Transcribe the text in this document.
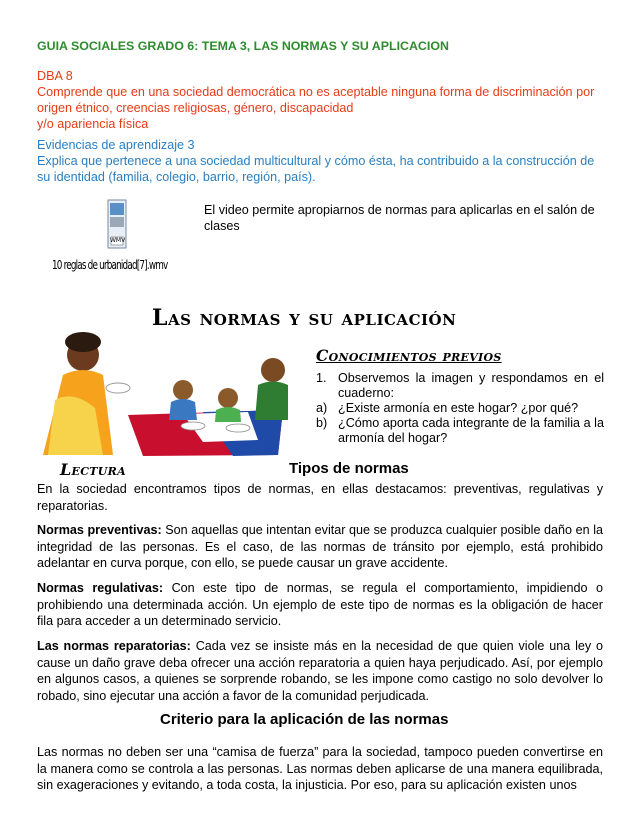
GUIA SOCIALES GRADO 6: TEMA 3, LAS NORMAS Y SU APLICACION
DBA 8
Comprende que en una sociedad democrática no es aceptable ninguna forma de discriminación por origen étnico, creencias religiosas, género, discapacidad
y/o apariencia física
Evidencias de aprendizaje 3
Explica que pertenece a una sociedad multicultural y cómo ésta, ha contribuido a la construcción de su identidad (familia, colegio, barrio, región, país).
WMV
10 reglas de urbanidad[7].wmv
El video permite apropiarnos de normas para aplicarlas en el salón de clases
Las normas y su aplicación
Conocimientos previos
1. Observemos la imagen y respondamos en el cuaderno:
a) ¿Existe armonía en este hogar? ¿por qué?
b) ¿Cómo aporta cada integrante de la familia a la armonía del hogar?
Lectura	Tipos de normas
En la sociedad encontramos tipos de normas, en ellas destacamos: preventivas, regulativas y reparatorias.
Normas preventivas: Son aquellas que intentan evitar que se produzca cualquier posible daño en la integridad de las personas. Es el caso, de las normas de tránsito por ejemplo, está prohibido adelantar en curva porque, con ello, se puede causar un grave accidente.
Normas regulativas: Con este tipo de normas, se regula el comportamiento, impidiendo o prohibiendo una determinada acción. Un ejemplo de este tipo de normas es la obligación de hacer fila para acceder a un determinado servicio.
Las normas reparatorias: Cada vez se insiste más en la necesidad de que quien viole una ley o cause un daño grave deba ofrecer una acción reparatoria a quien haya perjudicado. Así, por ejemplo en algunos casos, a quienes se sorprende robando, se les impone como castigo no solo devolver lo robado, sino ejecutar una acción a favor de la comunidad perjudicada.
Criterio para la aplicación de las normas
Las normas no deben ser una “camisa de fuerza” para la sociedad, tampoco pueden convertirse en la manera como se controla a las personas. Las normas deben aplicarse de una manera equilibrada, sin exageraciones y evitando, a toda costa, la injusticia. Por eso, para su aplicación existen unos
